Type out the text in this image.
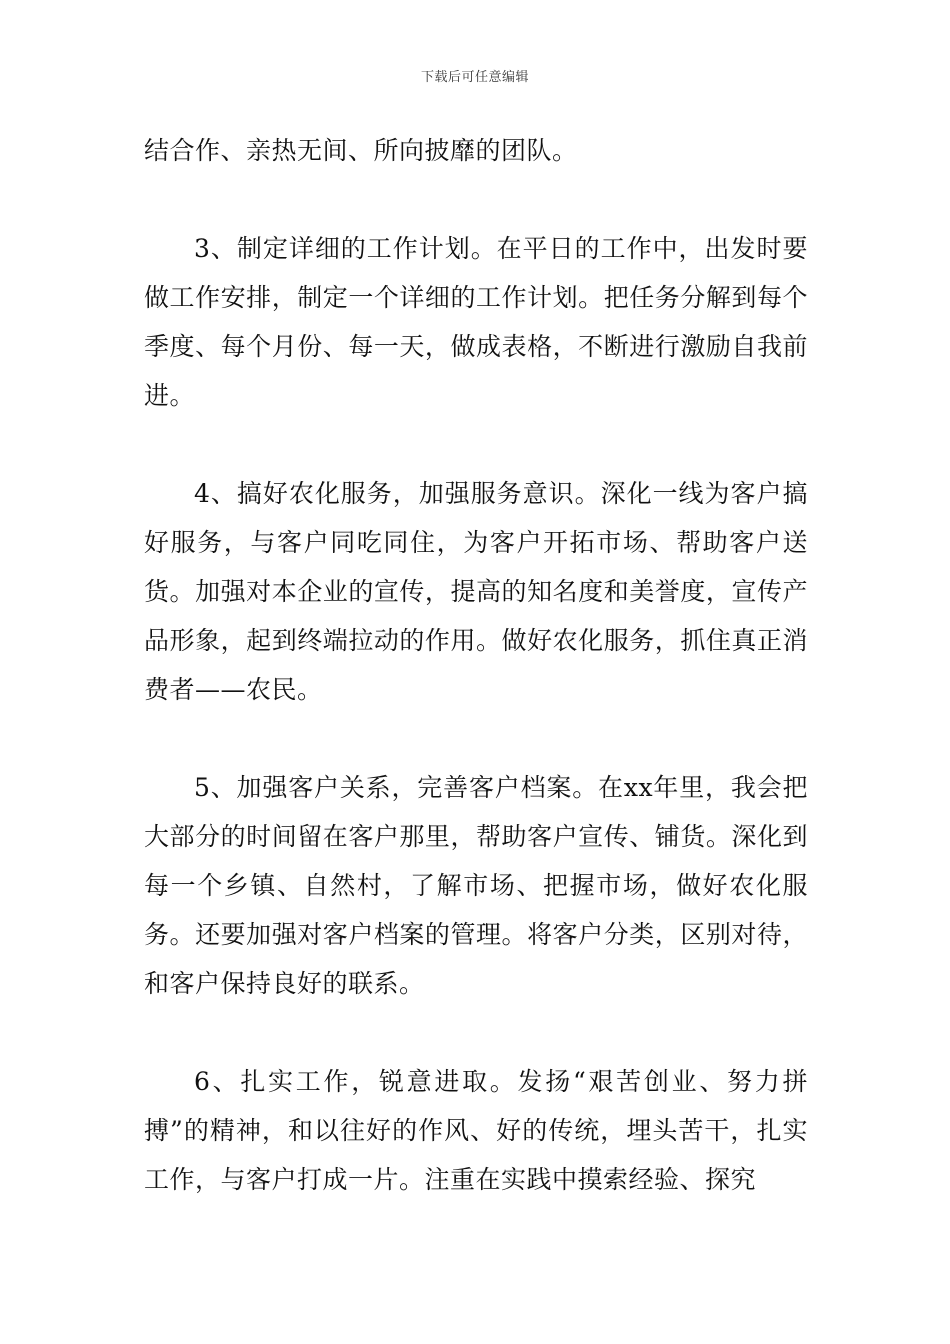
下载后可任意编辑

结合作、亲热无间、所向披靡的团队。

3、制定详细的工作计划。在平日的工作中，出发时要做工作安排，制定一个详细的工作计划。把任务分解到每个季度、每个月份、每一天，做成表格，不断进行激励自我前进。

4、搞好农化服务，加强服务意识。深化一线为客户搞好服务，与客户同吃同住，为客户开拓市场、帮助客户送货。加强对本企业的宣传，提高的知名度和美誉度，宣传产品形象，起到终端拉动的作用。做好农化服务，抓住真正消费者——农民。

5、加强客户关系，完善客户档案。在xx年里，我会把大部分的时间留在客户那里，帮助客户宣传、铺货。深化到每一个乡镇、自然村，了解市场、把握市场，做好农化服务。还要加强对客户档案的管理。将客户分类，区别对待，和客户保持良好的联系。

6、扎实工作，锐意进取。发扬“艰苦创业、努力拼搏”的精神，和以往好的作风、好的传统，埋头苦干，扎实工作，与客户打成一片。注重在实践中摸索经验、探究
